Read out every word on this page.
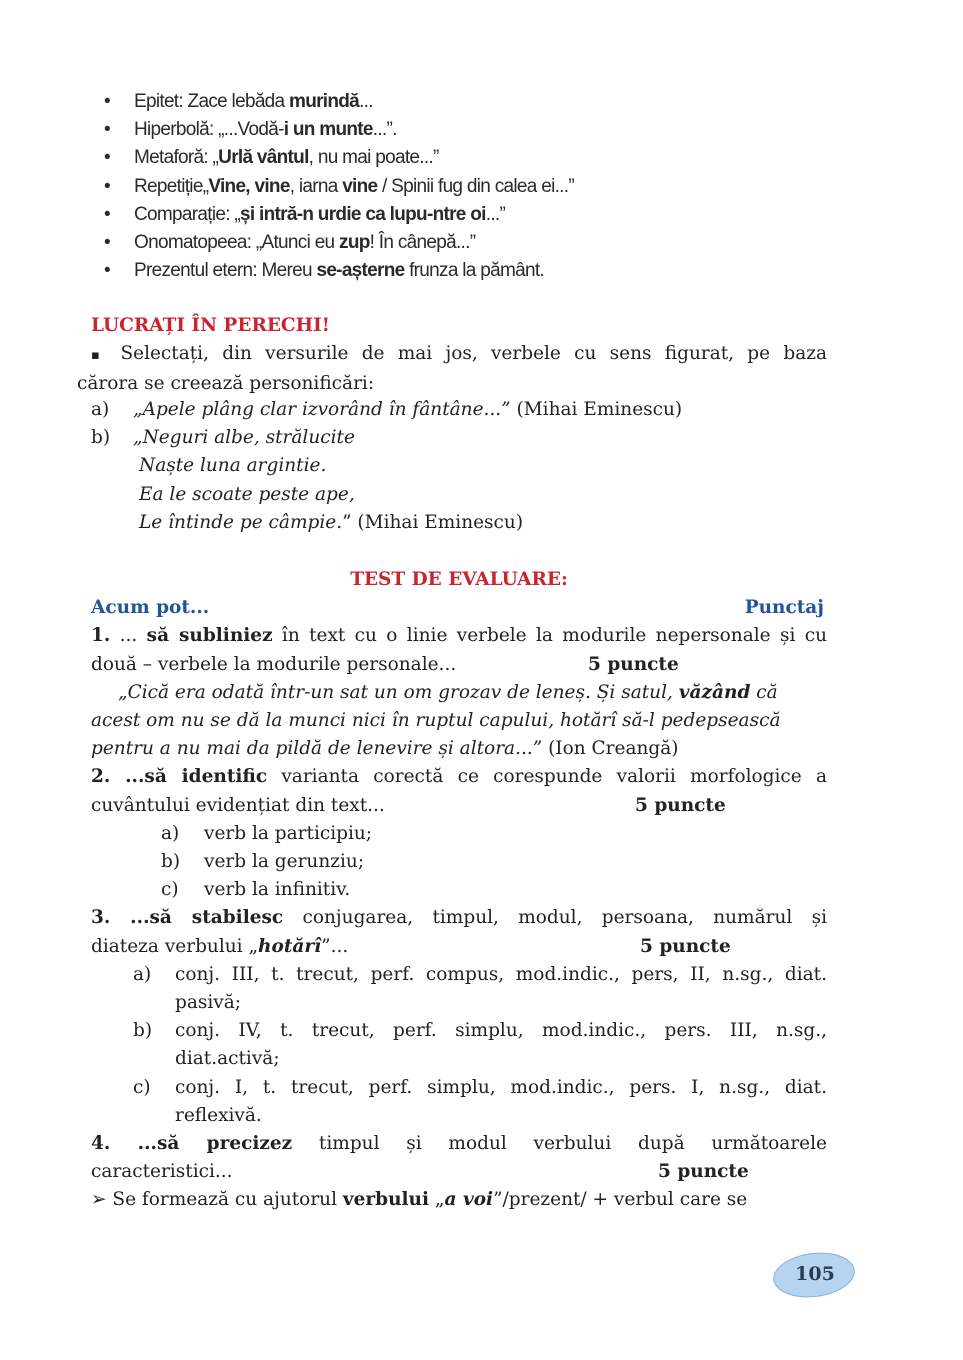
• Epitet: Zace lebăda murindă...
• Hiperbolă: „...Vodă-i un munte...”.
• Metaforă: „Urlă vântul, nu mai poate...”
• Repetiție„Vine, vine, iarna vine / Spinii fug din calea ei...”
• Comparație: „și intră-n urdie ca lupu-ntre oi...”
• Onomatopeea: „Atunci eu zup! În cânepă...”
• Prezentul etern: Mereu se-așterne frunza la pământ.
LUCRAȚI ÎN PERECHI!
▪ Selectați, din versurile de mai jos, verbele cu sens figurat, pe baza
cărora se creează personificări:
a) „Apele plâng clar izvorând în fântâne...” (Mihai Eminescu)
b) „Neguri albe, strălucite
Naște luna argintie.
Ea le scoate peste ape,
Le întinde pe câmpie.” (Mihai Eminescu)
TEST DE EVALUARE:
Acum pot...	Punctaj
1. ... să subliniez în text cu o linie verbele la modurile nepersonale și cu
două – verbele la modurile personale...	5 puncte
„Cică era odată într-un sat un om grozav de leneș. Și satul, văzând că
acest om nu se dă la munci nici în ruptul capului, hotărî să-l pedepsească
pentru a nu mai da pildă de lenevire și altora...” (Ion Creangă)
2. ...să identific varianta corectă ce corespunde valorii morfologice a
cuvântului evidențiat din text...	5 puncte
a) verb la participiu;
b) verb la gerunziu;
c) verb la infinitiv.
3. ...să stabilesc conjugarea, timpul, modul, persoana, numărul și
diateza verbului „hotărî”...	5 puncte
a) conj. III, t. trecut, perf. compus, mod.indic., pers, II, n.sg., diat.
pasivă;
b) conj. IV, t. trecut, perf. simplu, mod.indic., pers. III, n.sg.,
diat.activă;
c) conj. I, t. trecut, perf. simplu, mod.indic., pers. I, n.sg., diat.
reflexivă.
4. ...să precizez timpul și modul verbului după următoarele
caracteristici...	5 puncte
➢ Se formează cu ajutorul verbului „a voi”/prezent/ + verbul care se
105
